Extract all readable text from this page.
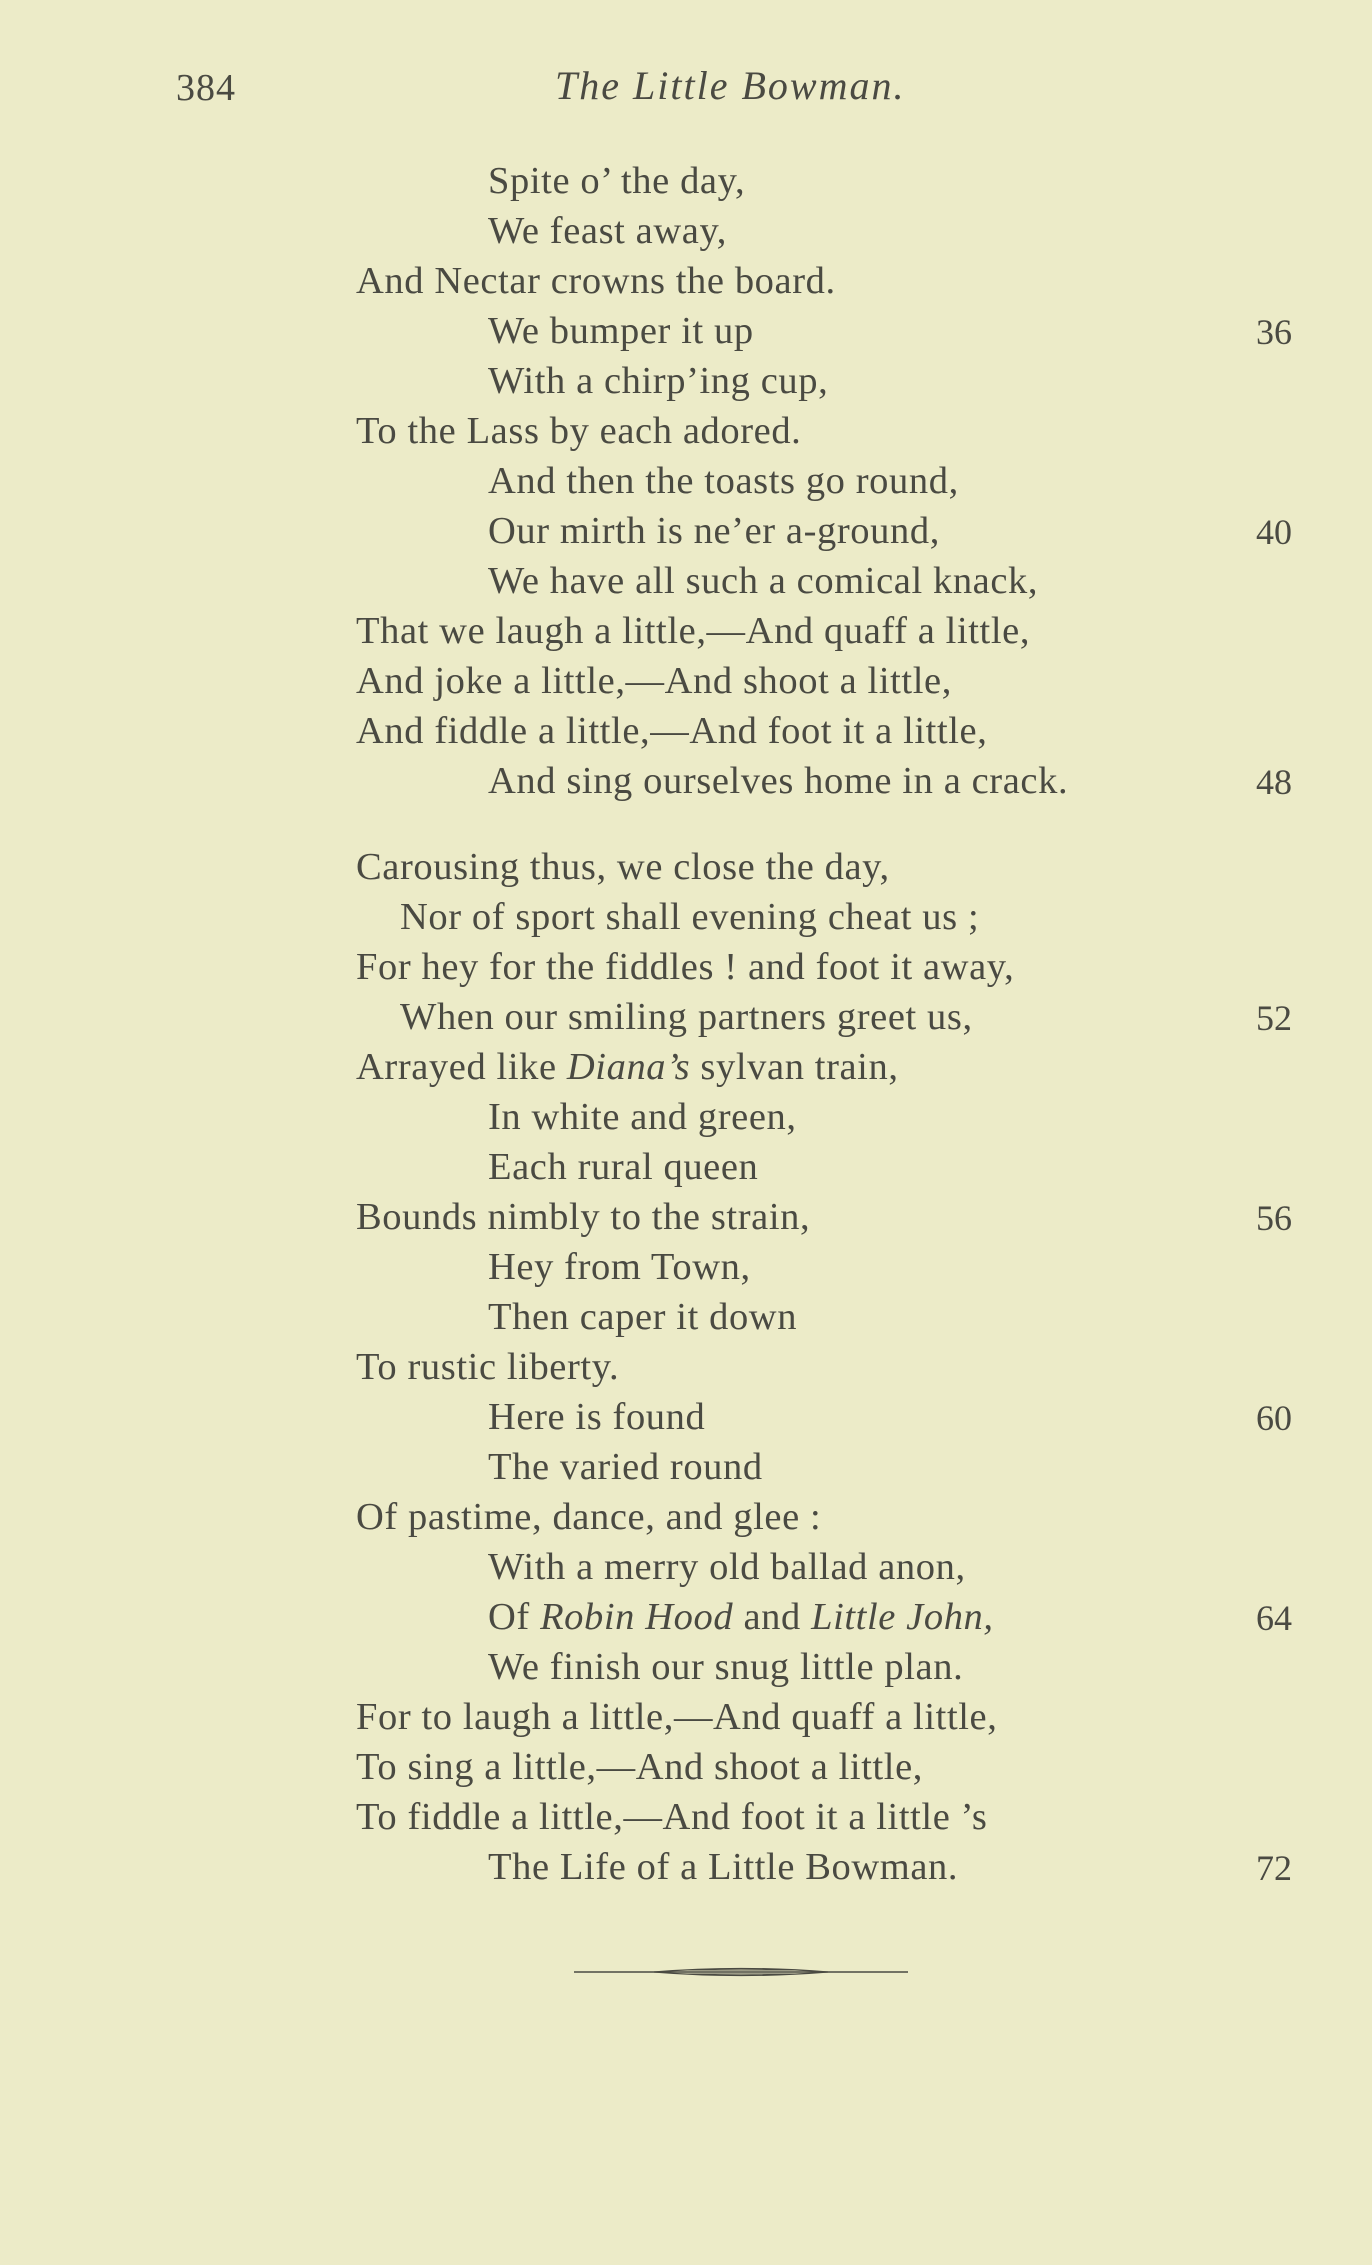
384	The Little Bowman.
Spite o’ the day,
We feast away,
And Nectar crowns the board.
We bumper it up	36
With a chirp’ing cup,
To the Lass by each adored.
And then the toasts go round,
Our mirth is ne’er a-ground,	40
We have all such a comical knack,
That we laugh a little,—And quaff a little,
And joke a little,—And shoot a little,
And fiddle a little,—And foot it a little,
And sing ourselves home in a crack.	48
Carousing thus, we close the day,
Nor of sport shall evening cheat us ;
For hey for the fiddles ! and foot it away,
When our smiling partners greet us,	52
Arrayed like Diana’s sylvan train,
In white and green,
Each rural queen
Bounds nimbly to the strain,	56
Hey from Town,
Then caper it down
To rustic liberty.
Here is found	60
The varied round
Of pastime, dance, and glee :
With a merry old ballad anon,
Of Robin Hood and Little John,	64
We finish our snug little plan.
For to laugh a little,—And quaff a little,
To sing a little,—And shoot a little,
To fiddle a little,—And foot it a little ’s
The Life of a Little Bowman.	72
